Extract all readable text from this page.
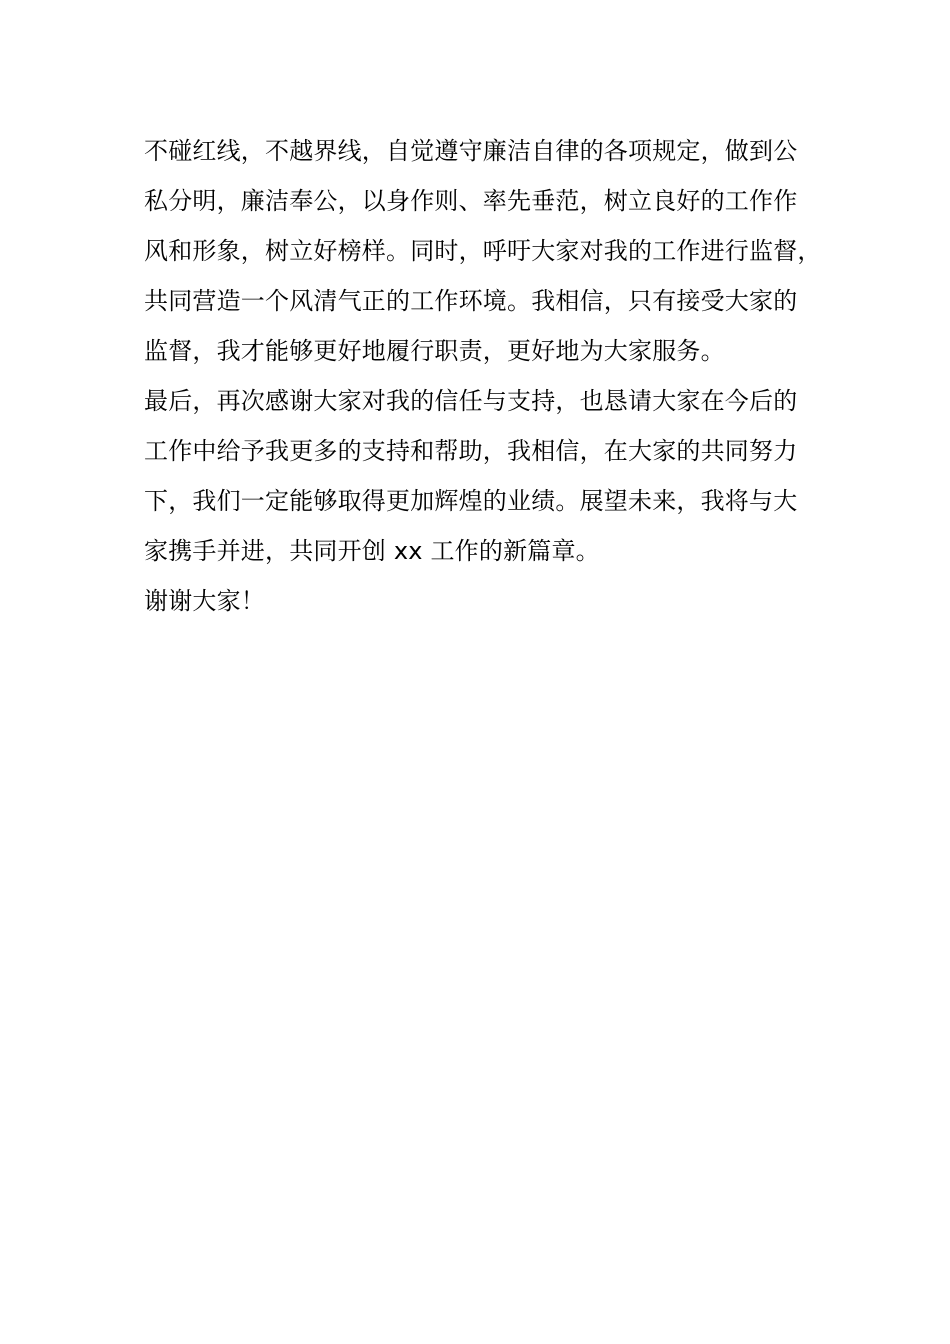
不碰红线，不越界线，自觉遵守廉洁自律的各项规定，做到公
私分明，廉洁奉公，以身作则、率先垂范，树立良好的工作作
风和形象，树立好榜样。同时，呼吁大家对我的工作进行监督，
共同营造一个风清气正的工作环境。我相信，只有接受大家的
监督，我才能够更好地履行职责，更好地为大家服务。
最后，再次感谢大家对我的信任与支持，也恳请大家在今后的
工作中给予我更多的支持和帮助，我相信，在大家的共同努力
下，我们一定能够取得更加辉煌的业绩。展望未来，我将与大
家携手并进，共同开创 xx 工作的新篇章。
谢谢大家！
